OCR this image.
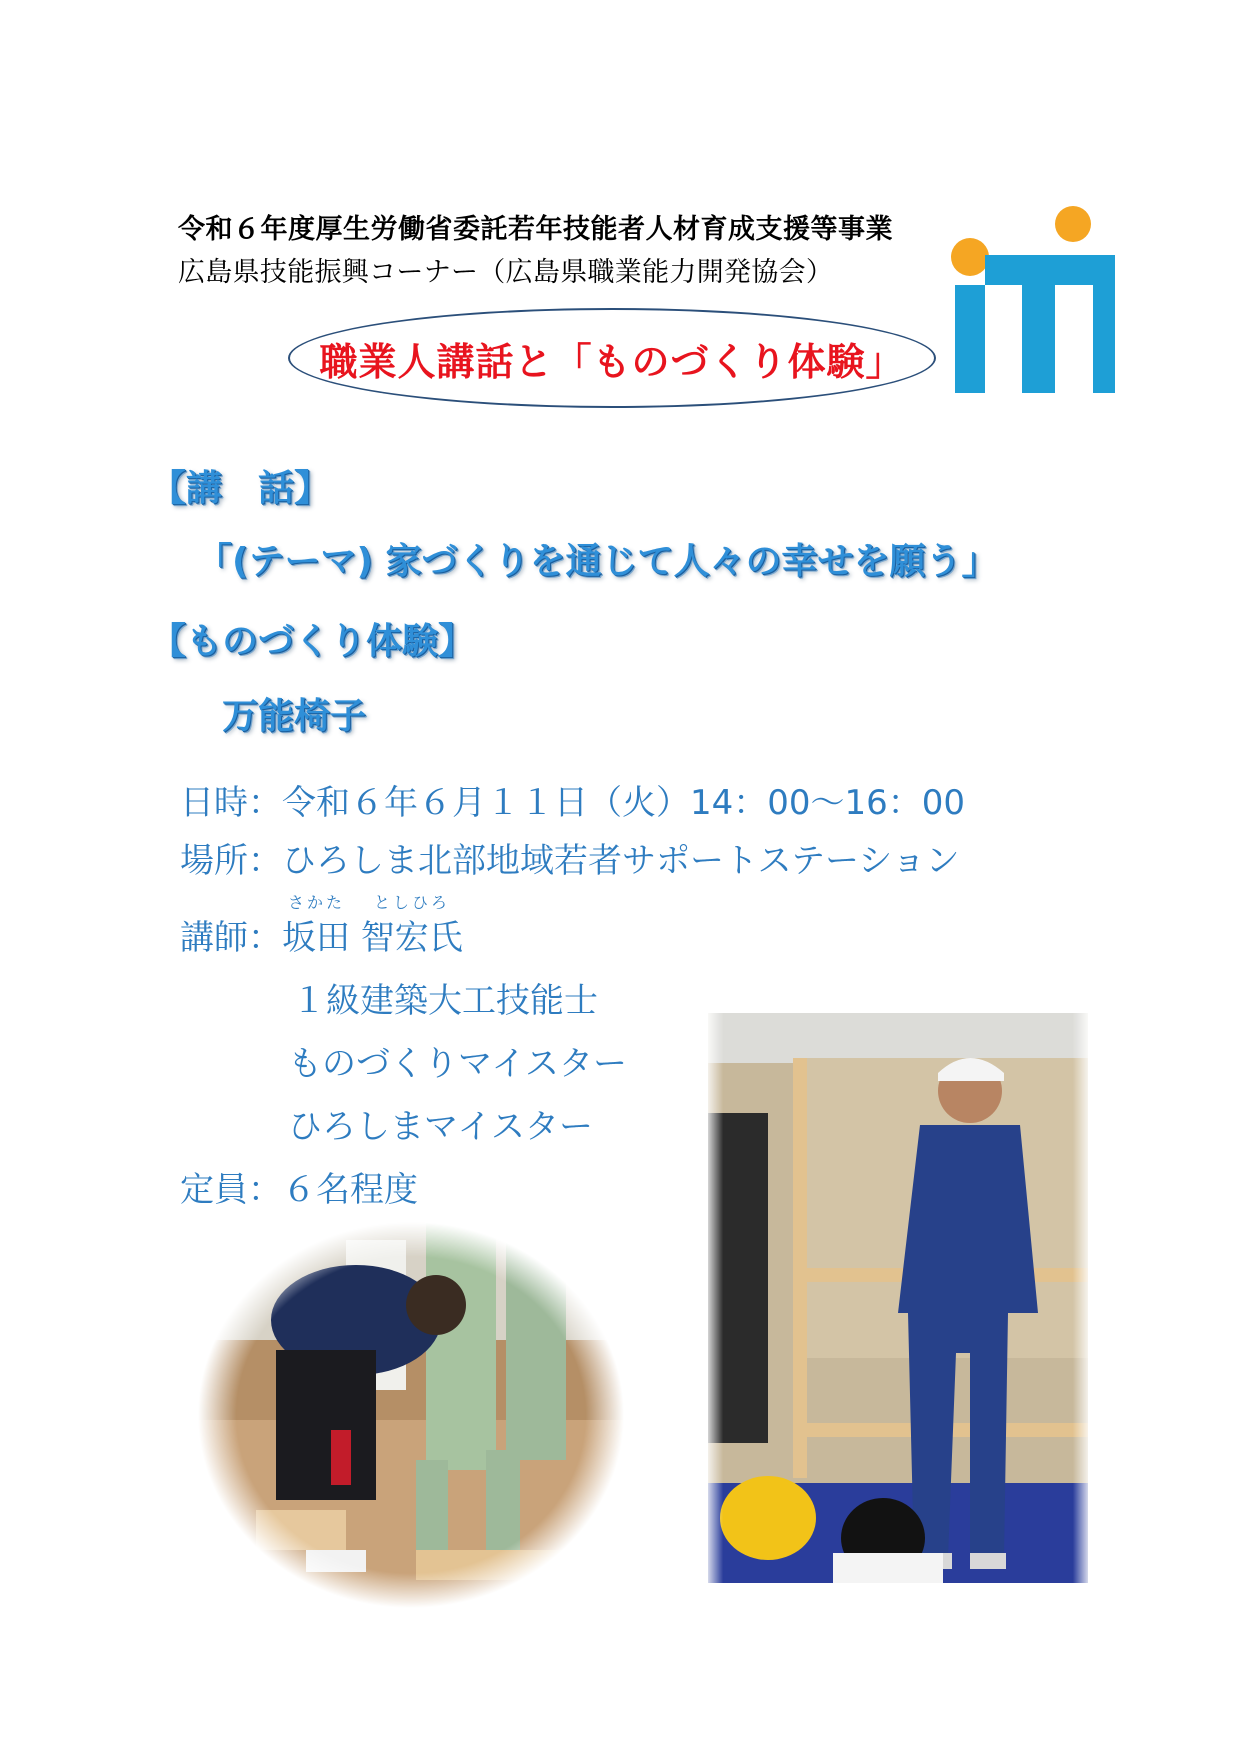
令和６年度厚生労働省委託若年技能者人材育成支援等事業
広島県技能振興コーナー（広島県職業能力開発協会）
職業人講話と「ものづくり体験」
【講　話】
「(テーマ) 家づくりを通じて人々の幸せを願う」
【ものづくり体験】
万能椅子
日時：令和６年６月１１日（火）14：00～16：00
場所：ひろしま北部地域若者サポートステーション
さかた としひろ
講師：坂田 智宏氏
１級建築大工技能士
ものづくりマイスター
ひろしまマイスター
定員：６名程度
